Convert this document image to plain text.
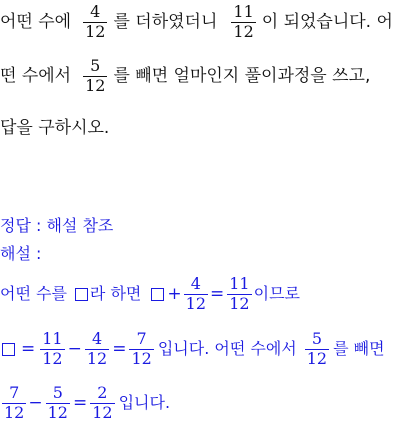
어떤 수에 $\frac{4}{12}$ 를 더하였더니 $\frac{11}{12}$ 이 되었습니다. 어
떤 수에서 $\frac{5}{12}$ 를 빼면 얼마인지 풀이과정을 쓰고,
답을 구하시오.
정답 : 해설 참조
해설 :
어떤 수를 라 하면 + $\frac{4}{12} = \frac{11}{12}$ 이므로
= $\frac{11}{12} - \frac{4}{12} = \frac{7}{12}$ 입니다. 어떤 수에서 $\frac{5}{12}$ 를 빼면
$\frac{7}{12} - \frac{5}{12} = \frac{2}{12}$ 입니다.
